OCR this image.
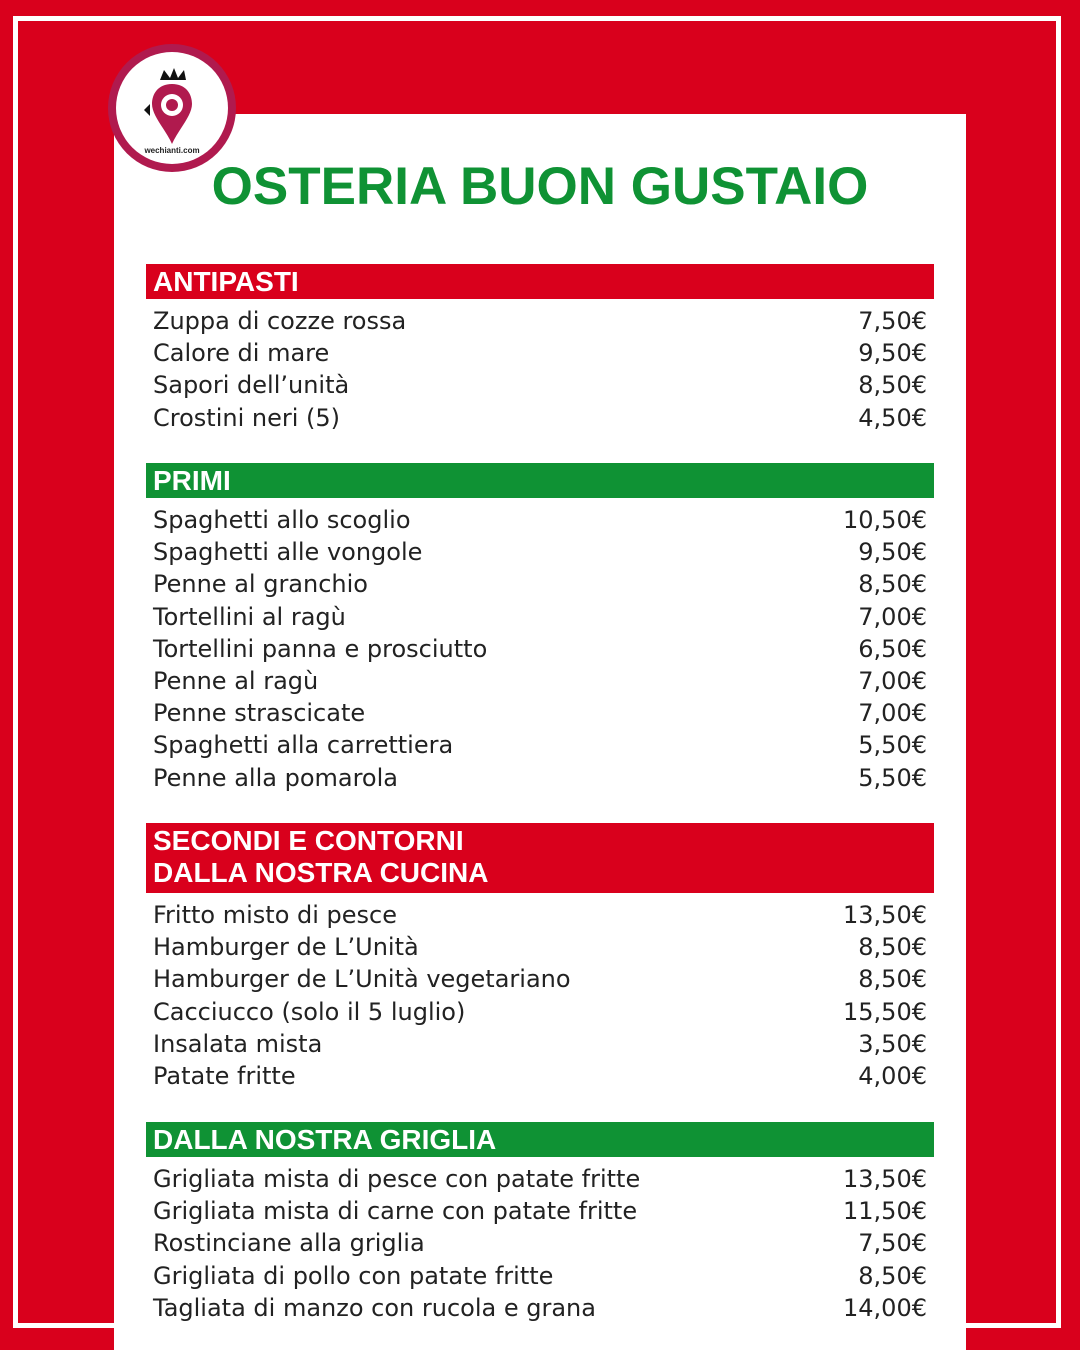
wechianti.com
OSTERIA BUON GUSTAIO
ANTIPASTI
Zuppa di cozze rossa	7,50€
Calore di mare	9,50€
Sapori dell’unità	8,50€
Crostini neri (5)	4,50€
PRIMI
Spaghetti allo scoglio	10,50€
Spaghetti alle vongole	9,50€
Penne al granchio	8,50€
Tortellini al ragù	7,00€
Tortellini panna e prosciutto	6,50€
Penne al ragù	7,00€
Penne strascicate	7,00€
Spaghetti alla carrettiera	5,50€
Penne alla pomarola	5,50€
SECONDI E CONTORNI
DALLA NOSTRA CUCINA
Fritto misto di pesce	13,50€
Hamburger de L’Unità	8,50€
Hamburger de L’Unità vegetariano	8,50€
Cacciucco (solo il 5 luglio)	15,50€
Insalata mista	3,50€
Patate fritte	4,00€
DALLA NOSTRA GRIGLIA
Grigliata mista di pesce con patate fritte	13,50€
Grigliata mista di carne con patate fritte	11,50€
Rostinciane alla griglia	7,50€
Grigliata di pollo con patate fritte	8,50€
Tagliata di manzo con rucola e grana	14,00€
